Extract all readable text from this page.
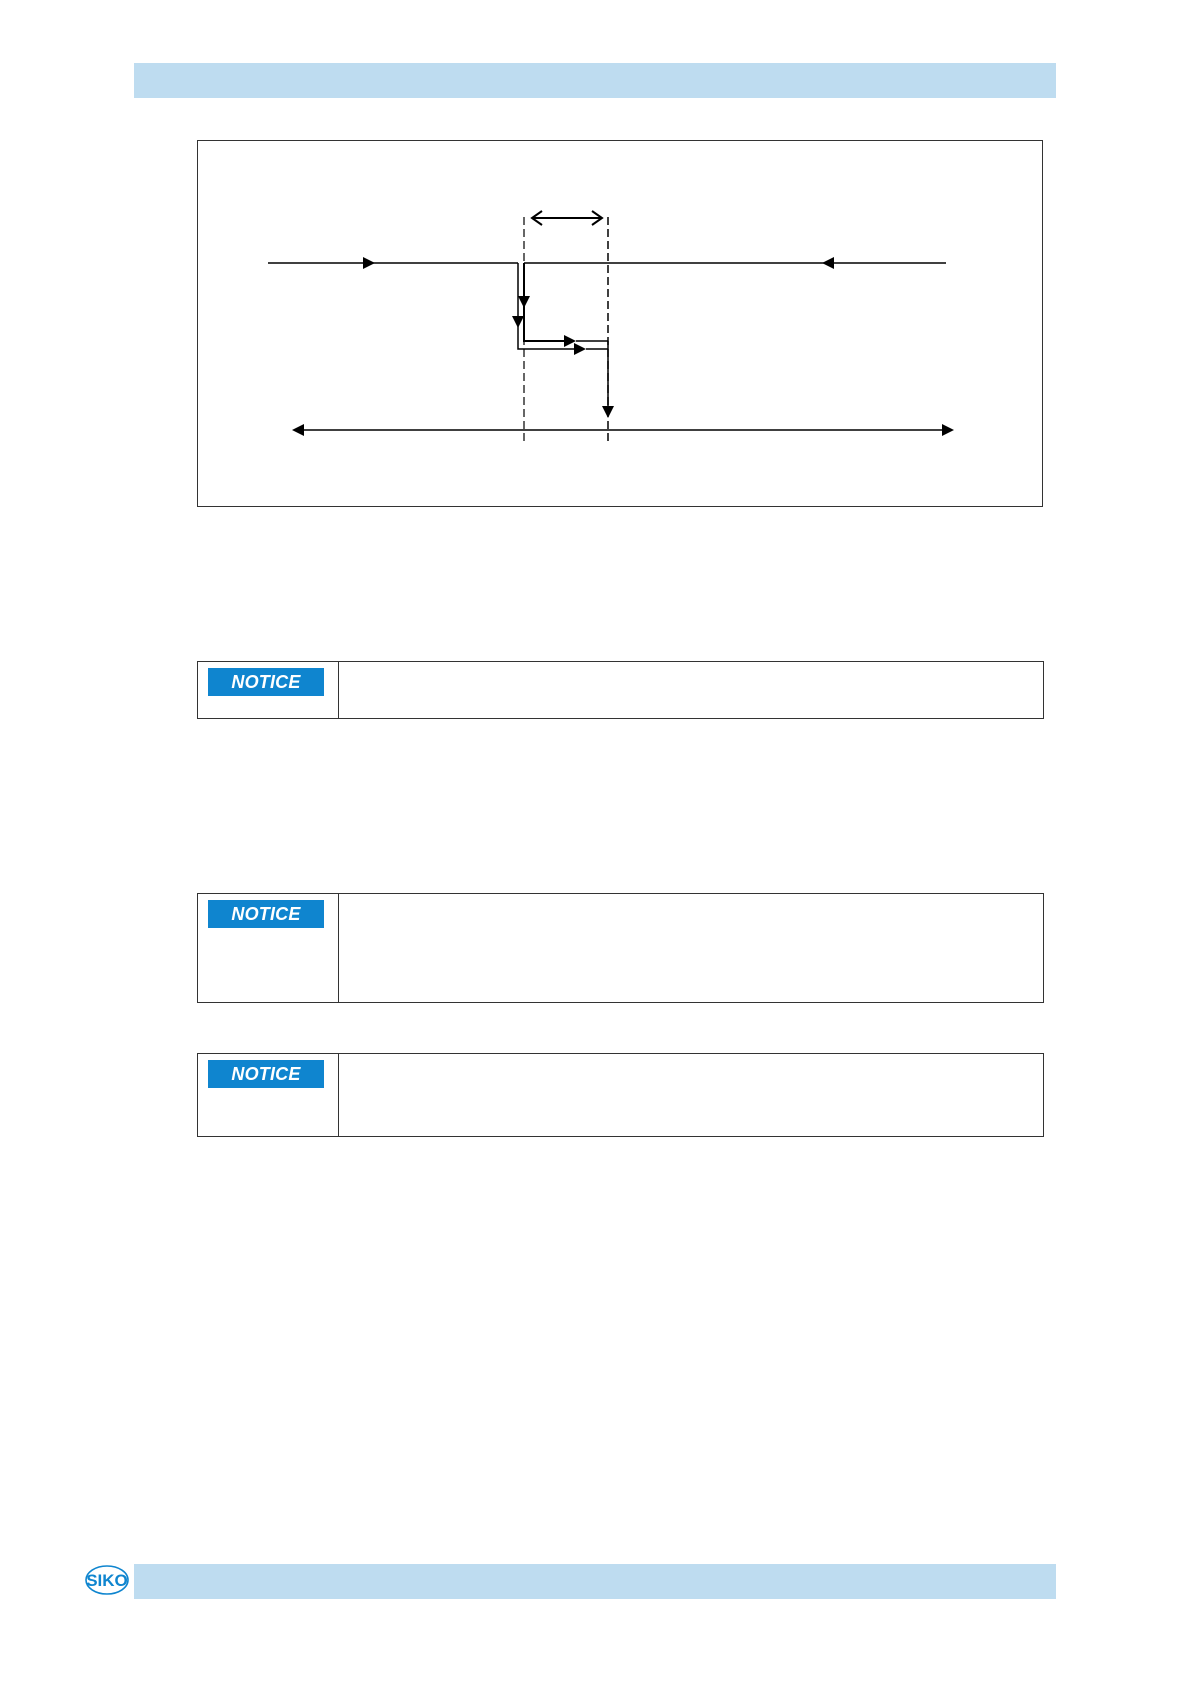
NOTICE
NOTICE
NOTICE
SIKO
